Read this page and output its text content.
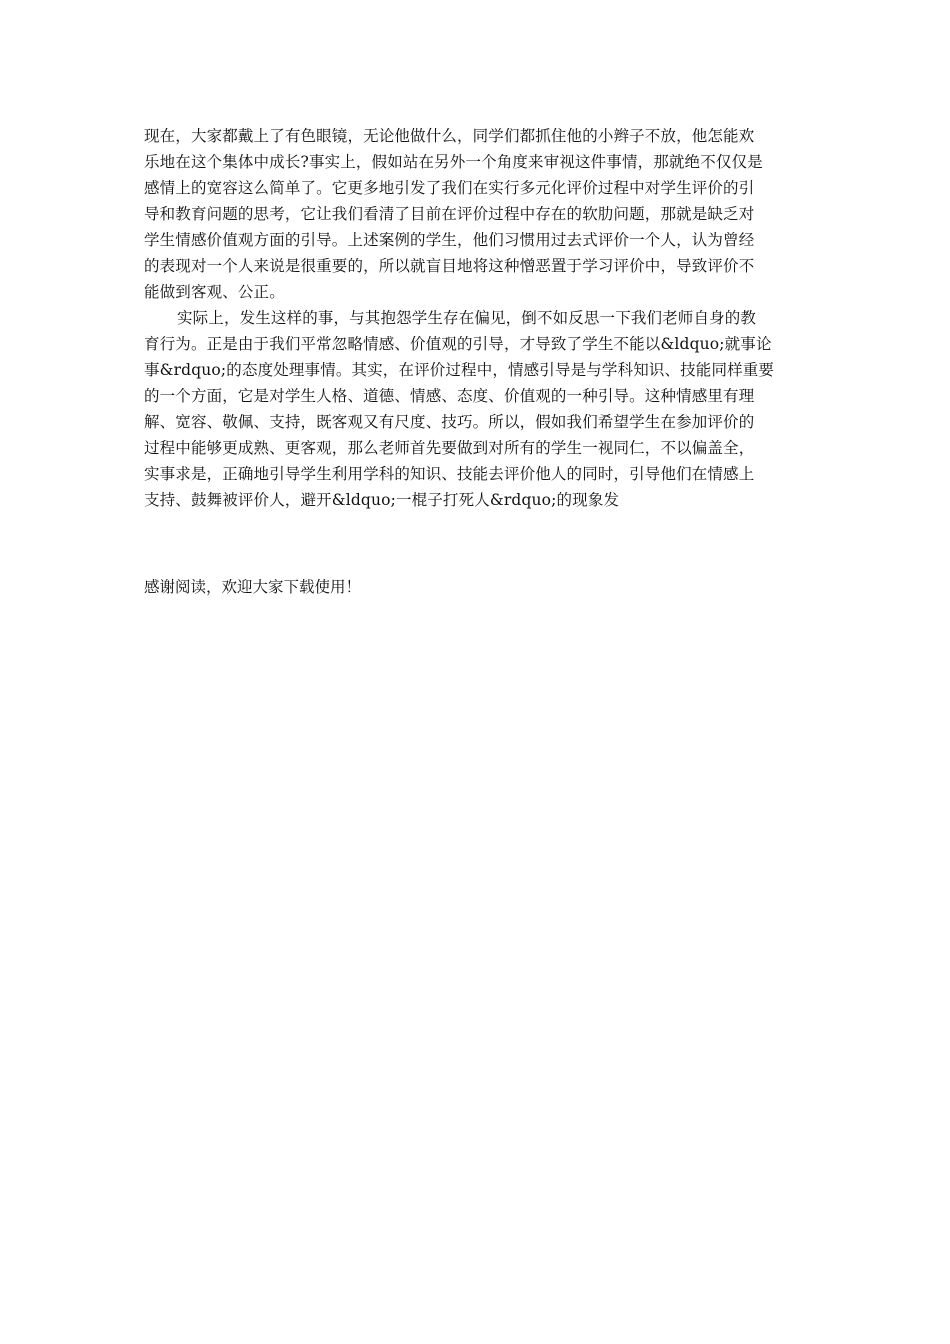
现在，大家都戴上了有色眼镜，无论他做什么，同学们都抓住他的小辫子不放，他怎能欢
乐地在这个集体中成长?事实上，假如站在另外一个角度来审视这件事情，那就绝不仅仅是
感情上的宽容这么简单了。它更多地引发了我们在实行多元化评价过程中对学生评价的引
导和教育问题的思考，它让我们看清了目前在评价过程中存在的软肋问题，那就是缺乏对
学生情感价值观方面的引导。上述案例的学生，他们习惯用过去式评价一个人，认为曾经
的表现对一个人来说是很重要的，所以就盲目地将这种憎恶置于学习评价中，导致评价不
能做到客观、公正。
实际上，发生这样的事，与其抱怨学生存在偏见，倒不如反思一下我们老师自身的教
育行为。正是由于我们平常忽略情感、价值观的引导，才导致了学生不能以&ldquo;就事论
事&rdquo;的态度处理事情。其实，在评价过程中，情感引导是与学科知识、技能同样重要
的一个方面，它是对学生人格、道德、情感、态度、价值观的一种引导。这种情感里有理
解、宽容、敬佩、支持，既客观又有尺度、技巧。所以，假如我们希望学生在参加评价的
过程中能够更成熟、更客观，那么老师首先要做到对所有的学生一视同仁，不以偏盖全，
实事求是，正确地引导学生利用学科的知识、技能去评价他人的同时，引导他们在情感上
支持、鼓舞被评价人，避开&ldquo;一棍子打死人&rdquo;的现象发
感谢阅读，欢迎大家下载使用！
